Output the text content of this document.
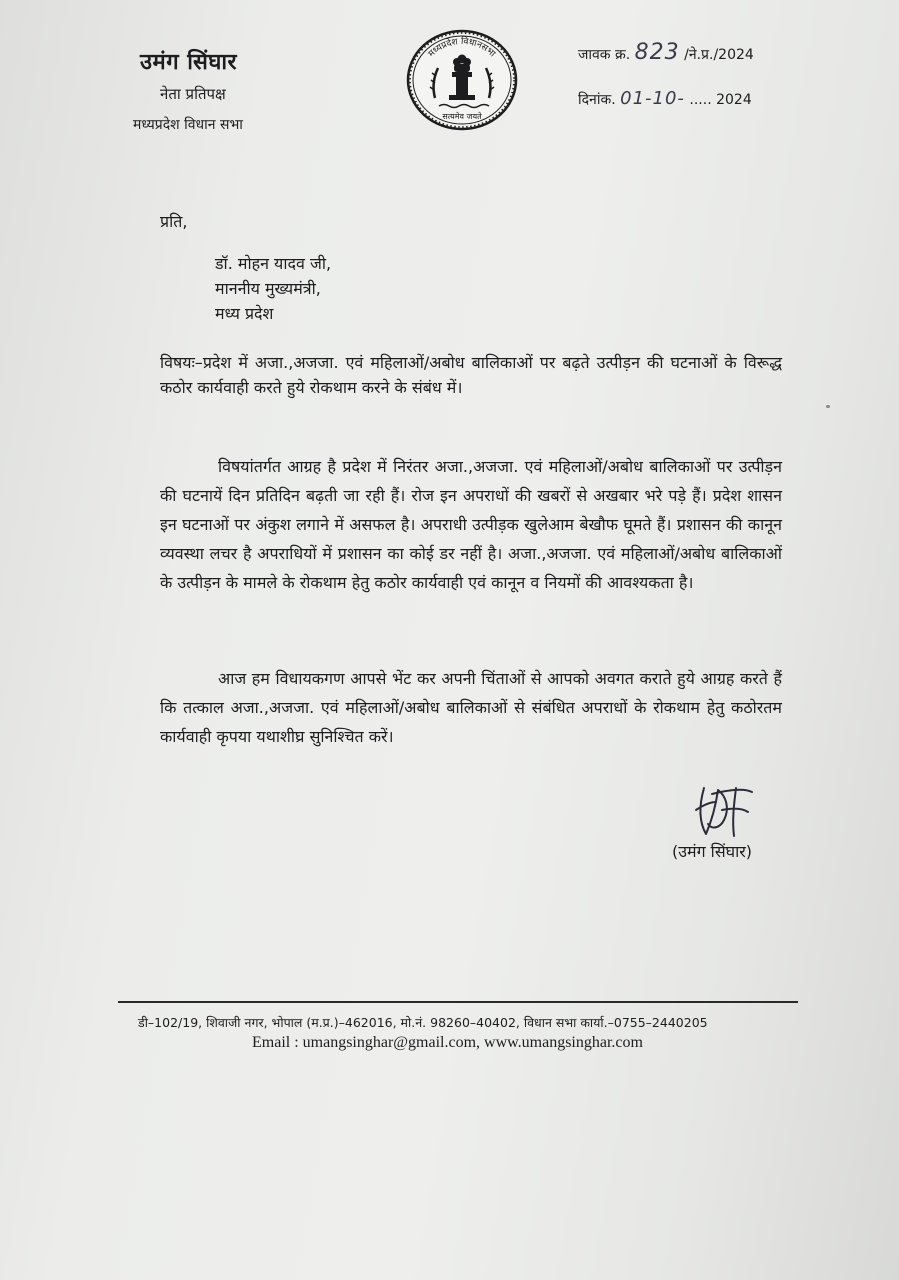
उमंग सिंघार
नेता प्रतिपक्ष
मध्यप्रदेश विधान सभा
मध्यप्रदेश विधानसभा
सत्यमेव जयते
जावक क्र. 823 /ने.प्र./2024
दिनांक. 01-10- ..... 2024
प्रति,
डॉ. मोहन यादव जी,
माननीय मुख्यमंत्री,
मध्य प्रदेश
विषयः–प्रदेश में अजा.,अजजा. एवं महिलाओं/अबोध बालिकाओं पर बढ़ते उत्पीड़न की घटनाओं के विरूद्ध कठोर कार्यवाही करते हुये रोकथाम करने के संबंध में।
विषयांतर्गत आग्रह है प्रदेश में निरंतर अजा.,अजजा. एवं महिलाओं/अबोध बालिकाओं पर उत्पीड़न की घटनायें दिन प्रतिदिन बढ़ती जा रही हैं। रोज इन अपराधों की खबरों से अखबार भरे पड़े हैं। प्रदेश शासन इन घटनाओं पर अंकुश लगाने में असफल है। अपराधी उत्पीड़क खुलेआम बेखौफ घूमते हैं। प्रशासन की कानून व्यवस्था लचर है अपराधियों में प्रशासन का कोई डर नहीं है। अजा.,अजजा. एवं महिलाओं/अबोध बालिकाओं के उत्पीड़न के मामले के रोकथाम हेतु कठोर कार्यवाही एवं कानून व नियमों की आवश्यकता है।
आज हम विधायकगण आपसे भेंट कर अपनी चिंताओं से आपको अवगत कराते हुये आग्रह करते हैं कि तत्काल अजा.,अजजा. एवं महिलाओं/अबोध बालिकाओं से संबंधित अपराधों के रोकथाम हेतु कठोरतम कार्यवाही कृपया यथाशीघ्र सुनिश्चित करें।
(उमंग सिंघार)
डी–102/19, शिवाजी नगर, भोपाल (म.प्र.)–462016, मो.नं. 98260–40402, विधान सभा कार्या.–0755–2440205
Email : umangsinghar@gmail.com, www.umangsinghar.com
